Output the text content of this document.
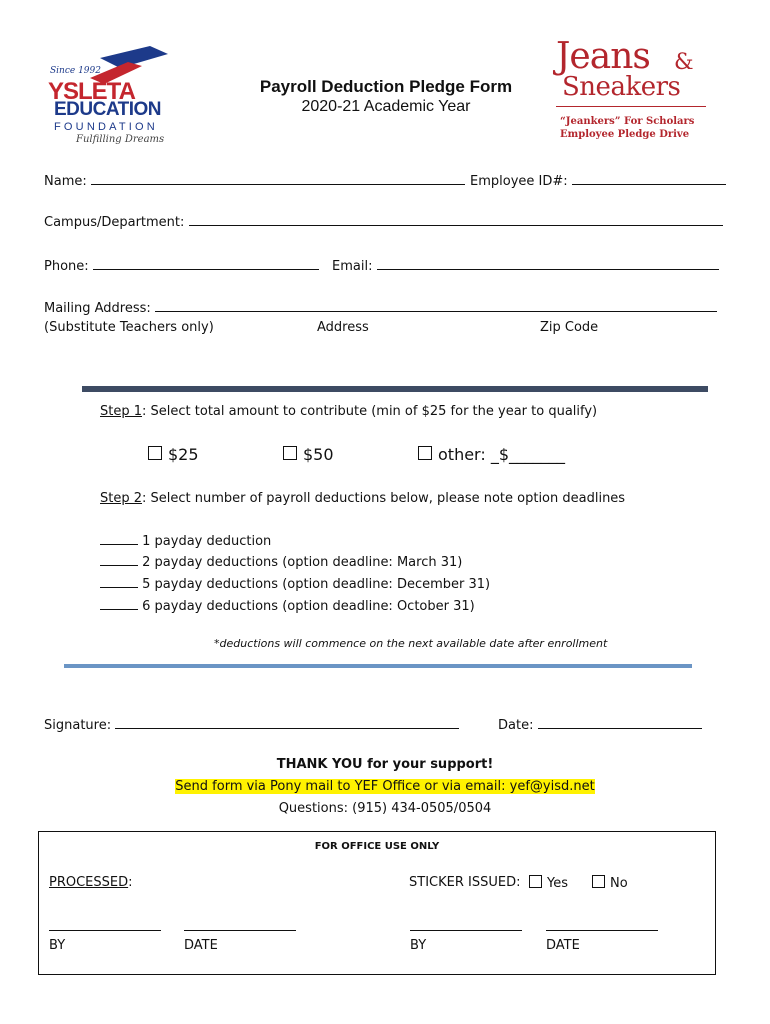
Since 1992
YSLETA
EDUCATION
FOUNDATION
Fulfilling Dreams
Payroll Deduction Pledge Form
2020-21 Academic Year
Jeans &
Sneakers
“Jeankers” For Scholars
Employee Pledge Drive
Name:	Employee ID#:
Campus/Department:
Phone:	Email:
Mailing Address:
(Substitute Teachers only)	Address	Zip Code
Step 1: Select total amount to contribute (min of $25 for the year to qualify)
$25	$50	other: _$_______
Step 2: Select number of payroll deductions below, please note option deadlines
1 payday deduction
2 payday deductions (option deadline: March 31)
5 payday deductions (option deadline: December 31)
6 payday deductions (option deadline: October 31)
*deductions will commence on the next available date after enrollment
Signature:	Date:
THANK YOU for your support!
Send form via Pony mail to YEF Office or via email: yef@yisd.net
Questions: (915) 434-0505/0504
FOR OFFICE USE ONLY
PROCESSED:	STICKER ISSUED:	Yes	No
BY	DATE	BY	DATE
